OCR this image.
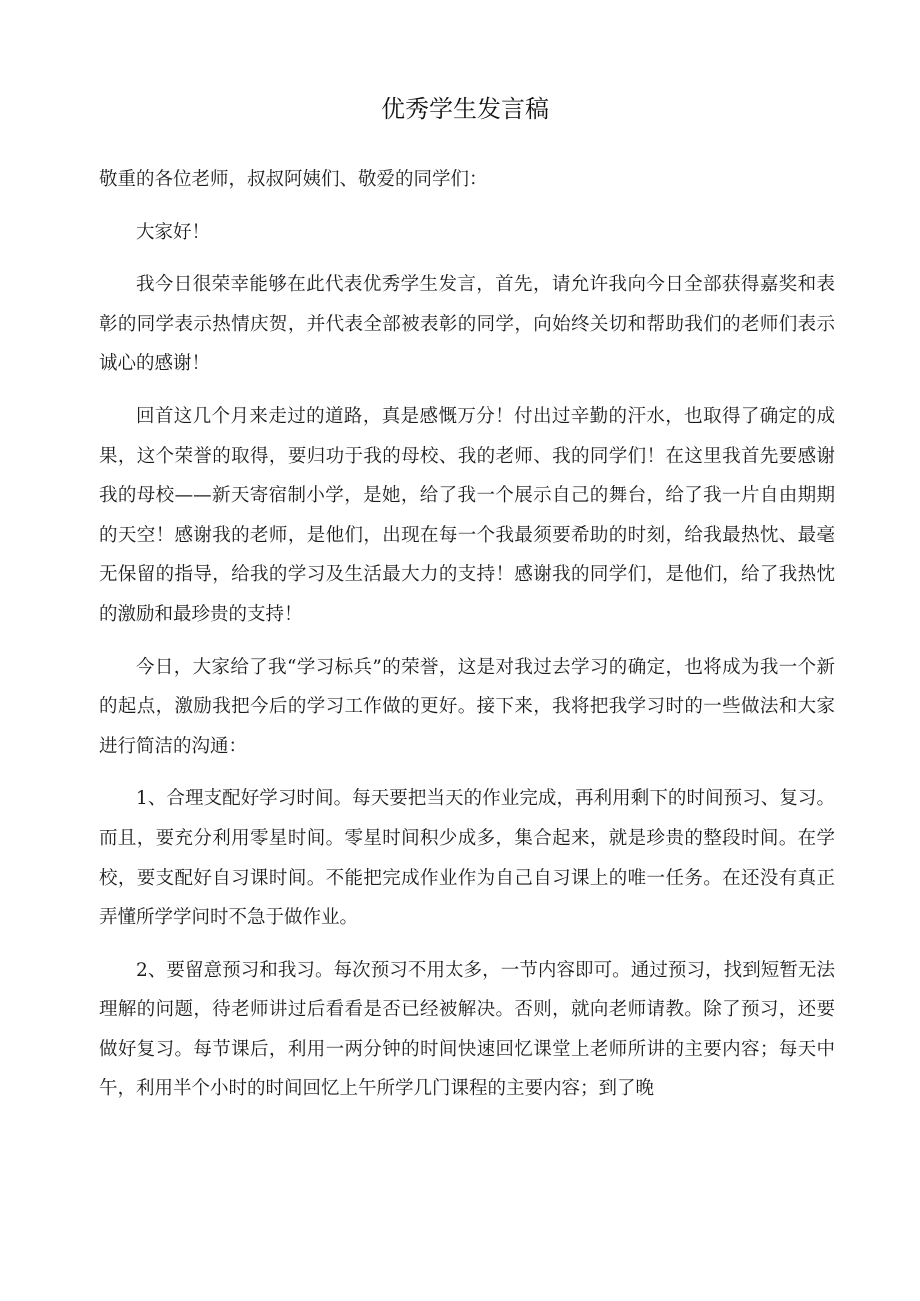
优秀学生发言稿

敬重的各位老师，叔叔阿姨们、敬爱的同学们：

大家好！

我今日很荣幸能够在此代表优秀学生发言，首先，请允许我向今日全部获得嘉奖和表彰的同学表示热情庆贺，并代表全部被表彰的同学，向始终关切和帮助我们的老师们表示诚心的感谢！

回首这几个月来走过的道路，真是感慨万分！付出过辛勤的汗水，也取得了确定的成果，这个荣誉的取得，要归功于我的母校、我的老师、我的同学们！在这里我首先要感谢我的母校——新天寄宿制小学，是她，给了我一个展示自己的舞台，给了我一片自由期期的天空！感谢我的老师，是他们，出现在每一个我最须要希助的时刻，给我最热忱、最毫无保留的指导，给我的学习及生活最大力的支持！感谢我的同学们，是他们，给了我热忱的激励和最珍贵的支持！

今日，大家给了我“学习标兵”的荣誉，这是对我过去学习的确定，也将成为我一个新的起点，激励我把今后的学习工作做的更好。接下来，我将把我学习时的一些做法和大家进行简洁的沟通：

1、合理支配好学习时间。每天要把当天的作业完成，再利用剩下的时间预习、复习。而且，要充分利用零星时间。零星时间积少成多，集合起来，就是珍贵的整段时间。在学校，要支配好自习课时间。不能把完成作业作为自己自习课上的唯一任务。在还没有真正弄懂所学学问时不急于做作业。

2、要留意预习和我习。每次预习不用太多，一节内容即可。通过预习，找到短暂无法理解的问题，待老师讲过后看看是否已经被解决。否则，就向老师请教。除了预习，还要做好复习。每节课后，利用一两分钟的时间快速回忆课堂上老师所讲的主要内容；每天中午，利用半个小时的时间回忆上午所学几门课程的主要内容；到了晚
